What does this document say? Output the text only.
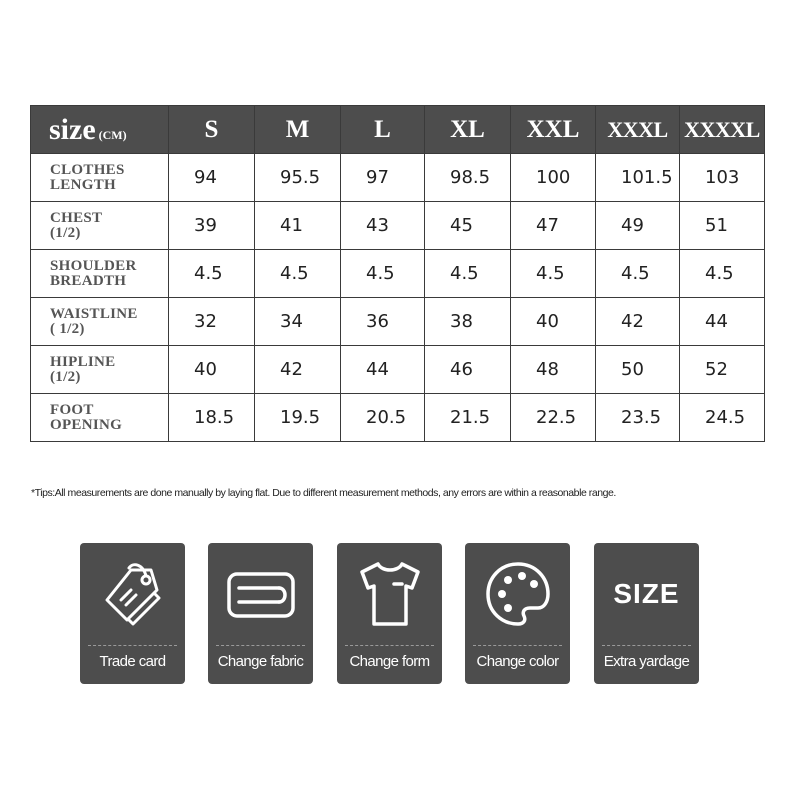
size (CM)	S	M	L	XL	XXL	XXXL	XXXXL

CLOTHES
LENGTH	94	95.5	97	98.5	100	101.5	103

CHEST
(1/2)	39	41	43	45	47	49	51

SHOULDER
BREADTH	4.5	4.5	4.5	4.5	4.5	4.5	4.5

WAISTLINE
( 1/2)	32	34	36	38	40	42	44

HIPLINE
(1/2)	40	42	44	46	48	50	52

FOOT
OPENING	18.5	19.5	20.5	21.5	22.5	23.5	24.5
*Tips:All measurements are done manually by laying flat. Due to different measurement methods, any errors are within a reasonable range.
Trade card	Change fabric	Change form	Change color
SIZE
Extra yardage
